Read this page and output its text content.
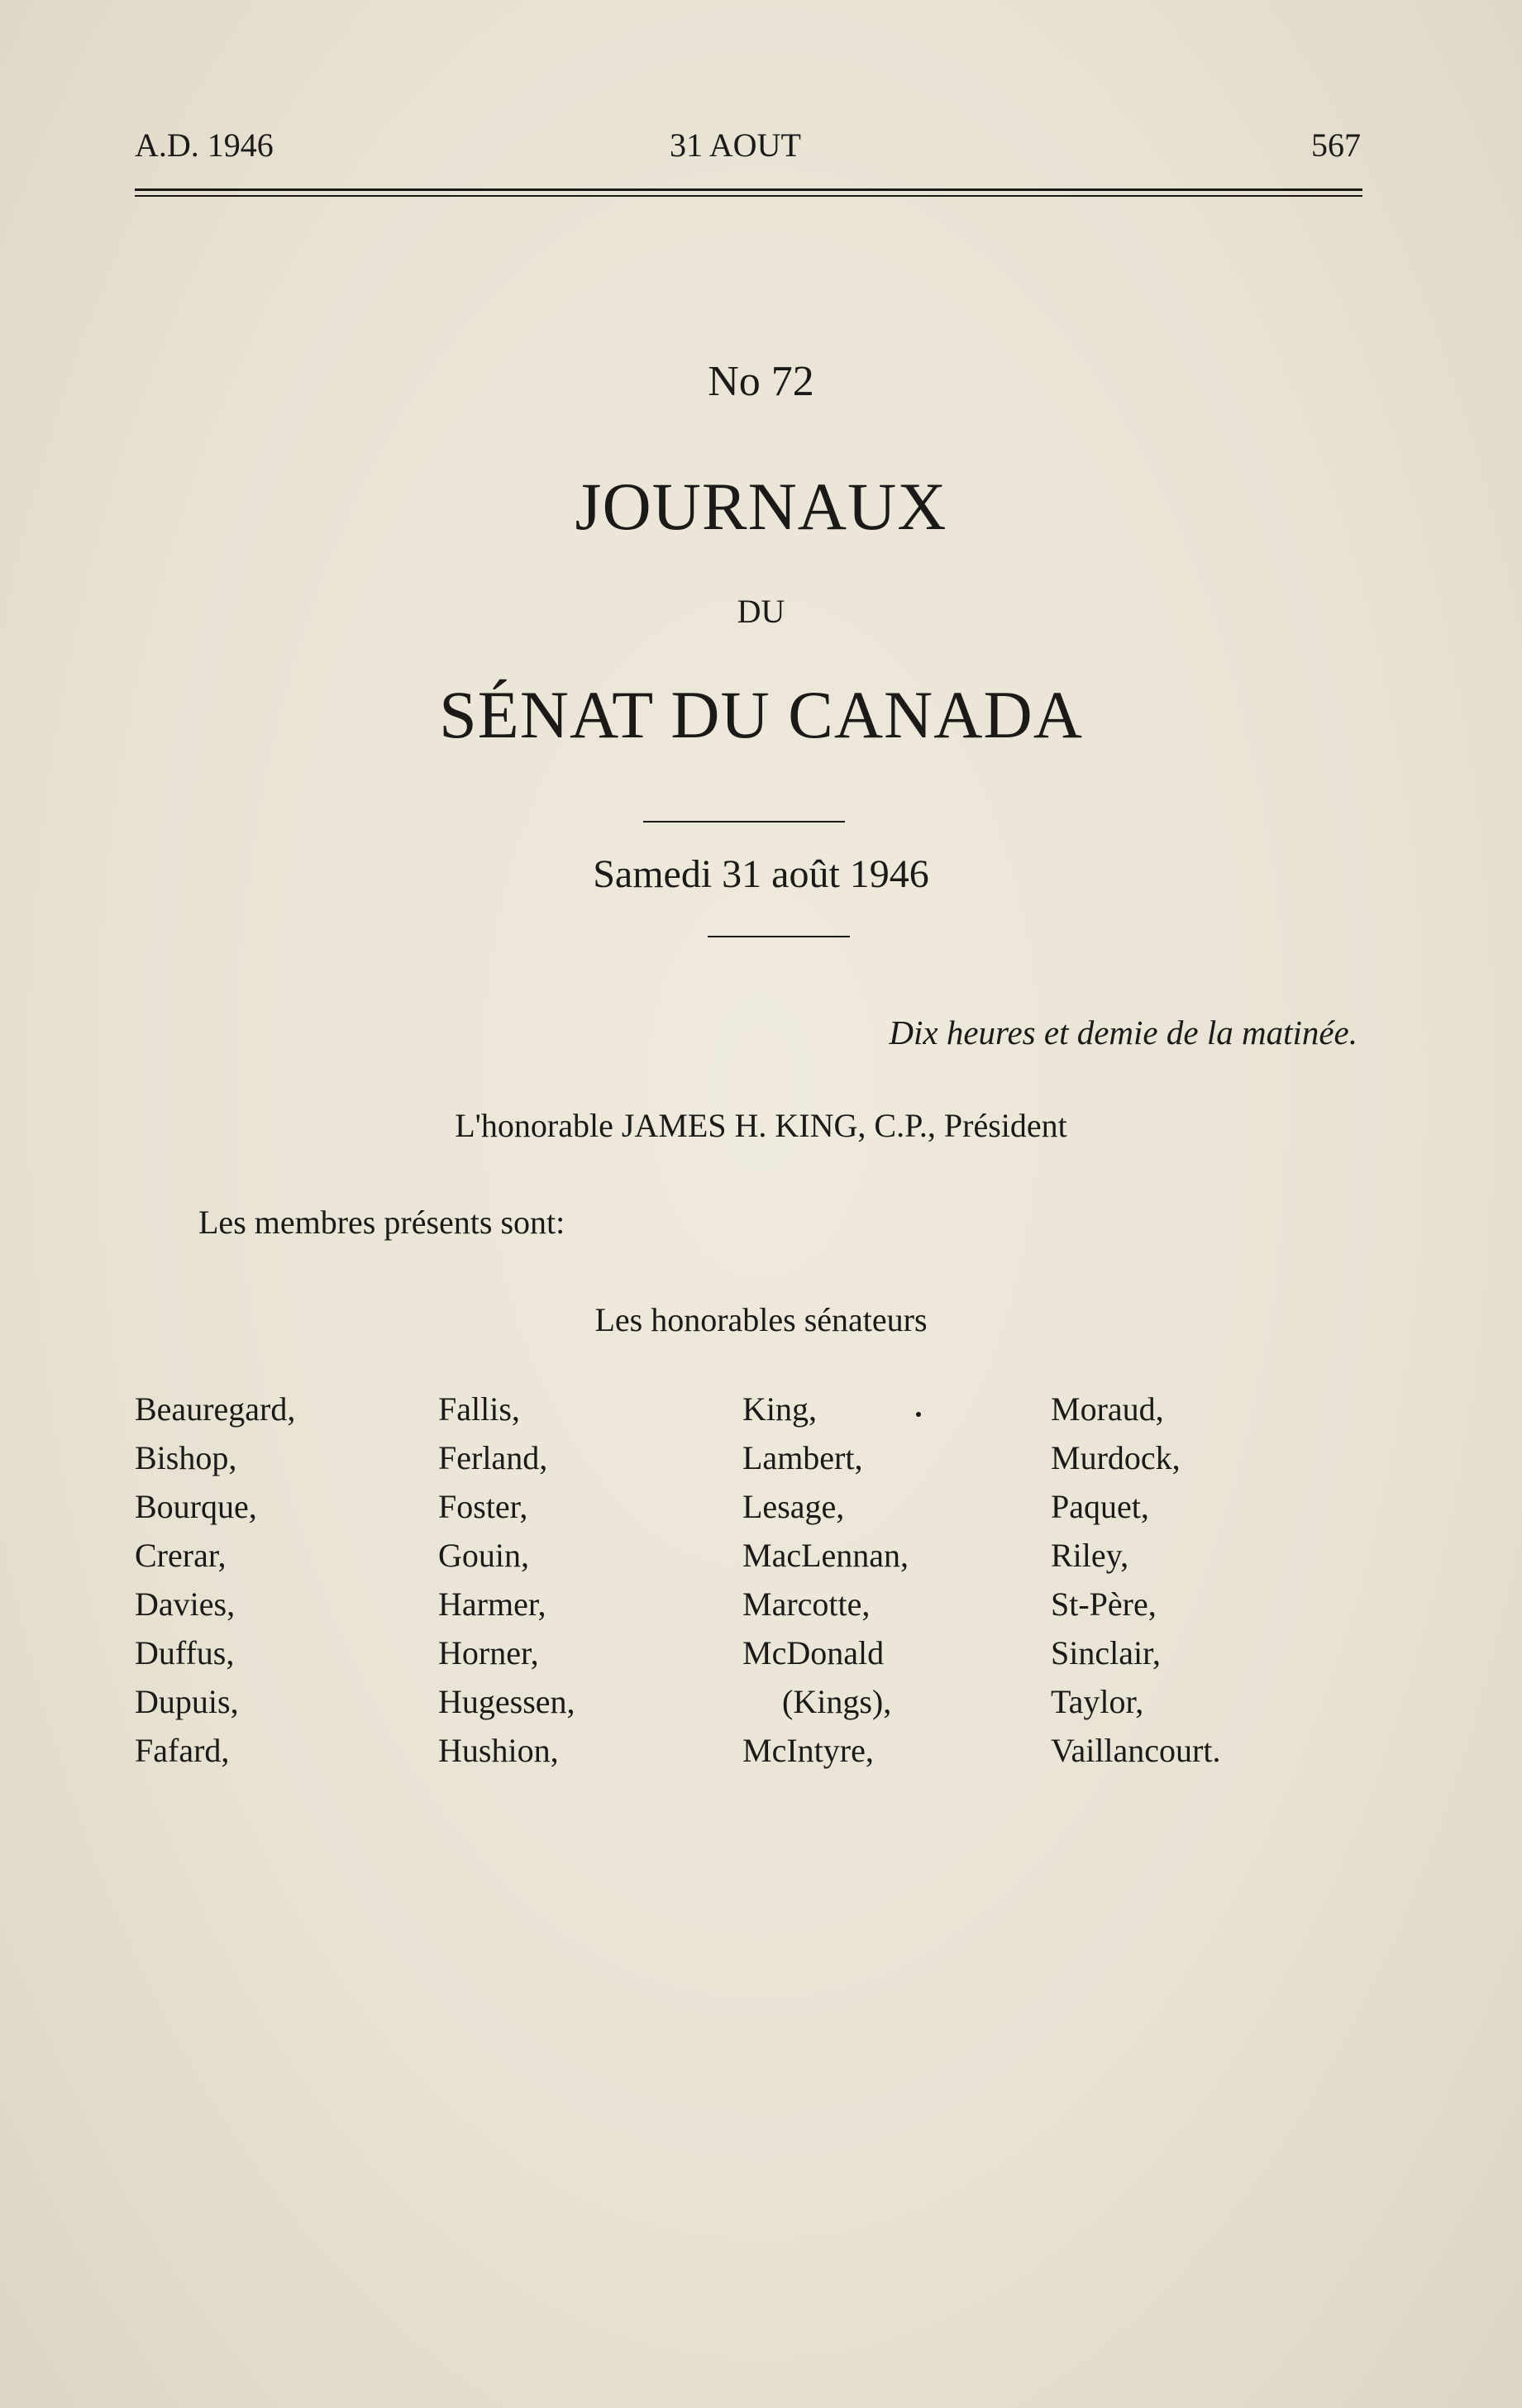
A.D. 1946	31 AOUT	567
No 72
JOURNAUX
DU
SÉNAT DU CANADA
Samedi 31 août 1946
Dix heures et demie de la matinée.
L'honorable JAMES H. KING, C.P., Président
Les membres présents sont:
Les honorables sénateurs
Beauregard,
Bishop,
Bourque,
Crerar,
Davies,
Duffus,
Dupuis,
Fafard,
Fallis,
Ferland,
Foster,
Gouin,
Harmer,
Horner,
Hugessen,
Hushion,
King,
Lambert,
Lesage,
MacLennan,
Marcotte,
McDonald
(Kings),
McIntyre,
Moraud,
Murdock,
Paquet,
Riley,
St-Père,
Sinclair,
Taylor,
Vaillancourt.
